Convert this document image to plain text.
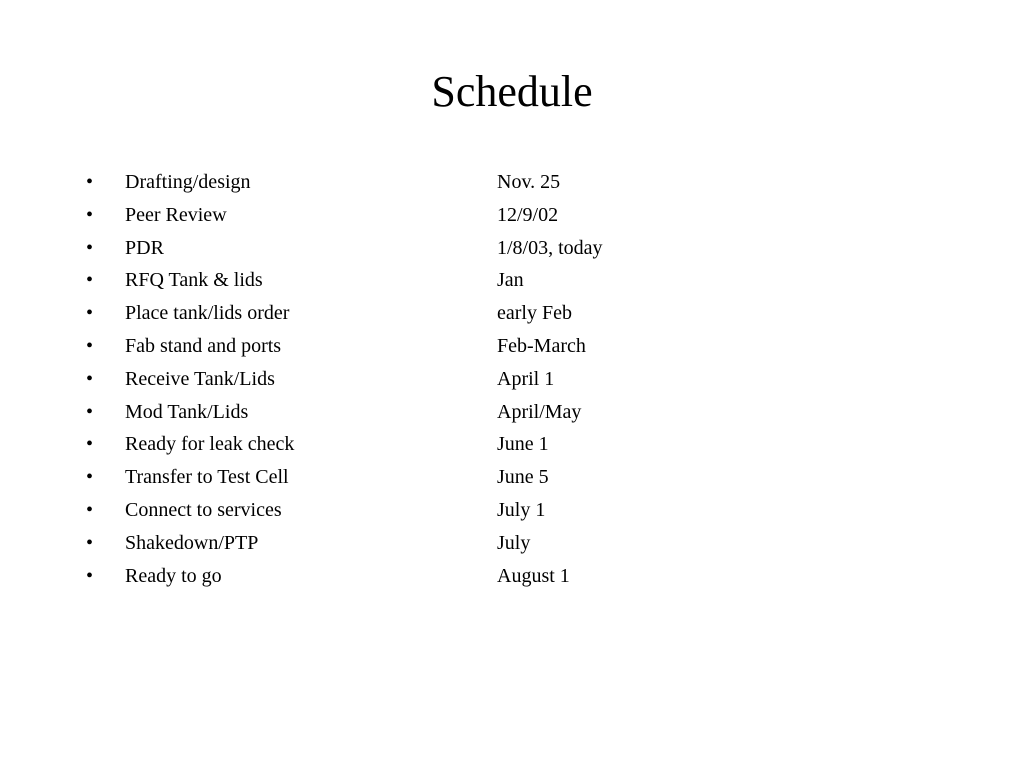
Schedule
•	Drafting/design	Nov. 25
•	Peer Review	12/9/02
•	PDR	1/8/03, today
•	RFQ Tank & lids	Jan
•	Place tank/lids order	early Feb
•	Fab stand and ports	Feb-March
•	Receive Tank/Lids	April 1
•	Mod Tank/Lids	April/May
•	Ready for leak check	June 1
•	Transfer to Test Cell	June 5
•	Connect to services	July 1
•	Shakedown/PTP	July
•	Ready to go	August 1
